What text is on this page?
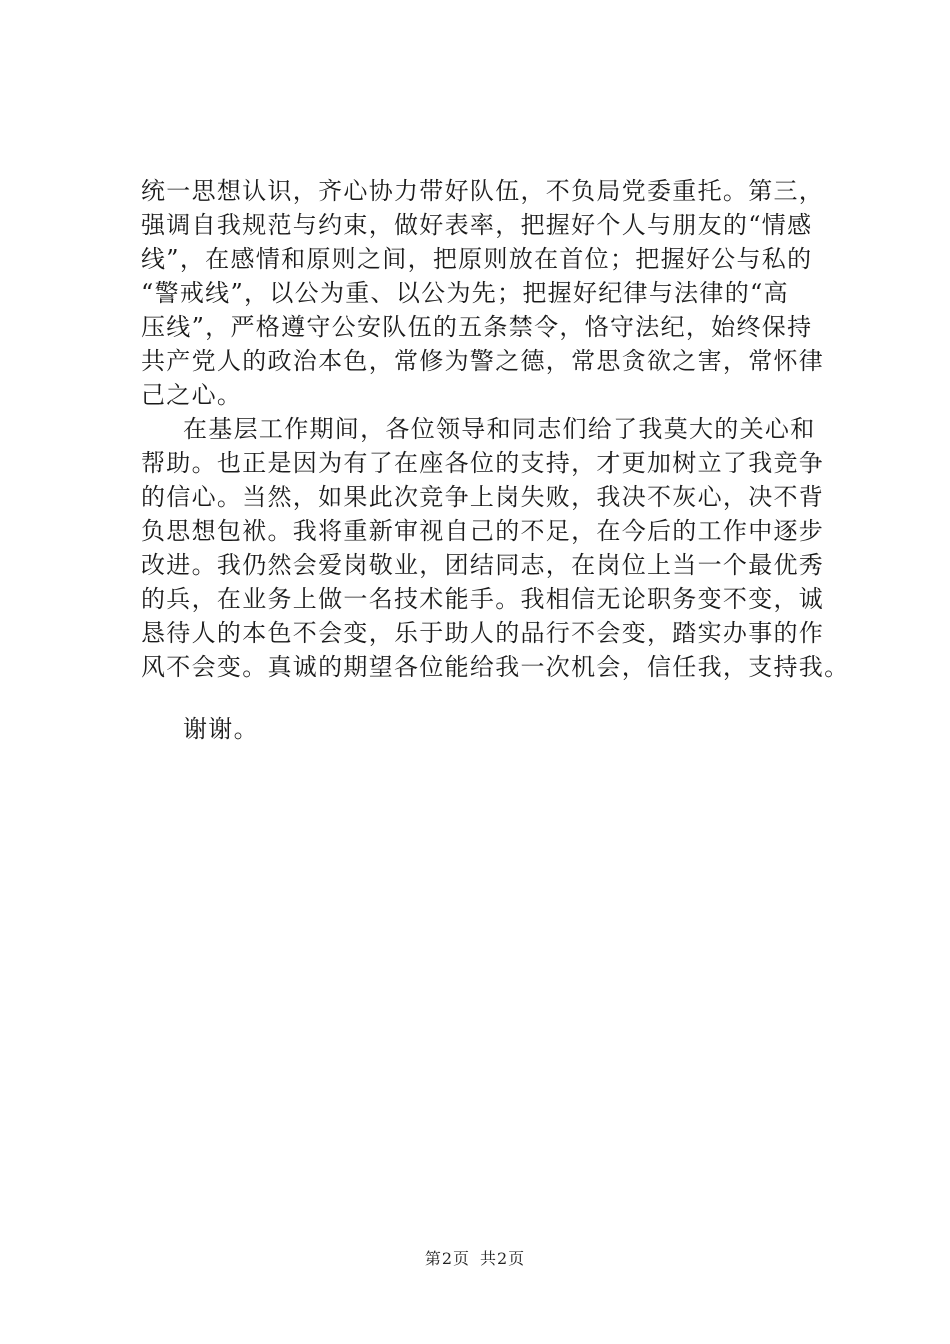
统一思想认识，齐心协力带好队伍，不负局党委重托。第三，
强调自我规范与约束，做好表率，把握好个人与朋友的“情感
线”，在感情和原则之间，把原则放在首位；把握好公与私的
“警戒线”，以公为重、以公为先；把握好纪律与法律的“高
压线”，严格遵守公安队伍的五条禁令，恪守法纪，始终保持
共产党人的政治本色，常修为警之德，常思贪欲之害，常怀律
己之心。
在基层工作期间，各位领导和同志们给了我莫大的关心和
帮助。也正是因为有了在座各位的支持，才更加树立了我竞争
的信心。当然，如果此次竞争上岗失败，我决不灰心，决不背
负思想包袱。我将重新审视自己的不足，在今后的工作中逐步
改进。我仍然会爱岗敬业，团结同志，在岗位上当一个最优秀
的兵，在业务上做一名技术能手。我相信无论职务变不变，诚
恳待人的本色不会变，乐于助人的品行不会变，踏实办事的作
风不会变。真诚的期望各位能给我一次机会，信任我，支持我。
谢谢。
第2页 共2页
